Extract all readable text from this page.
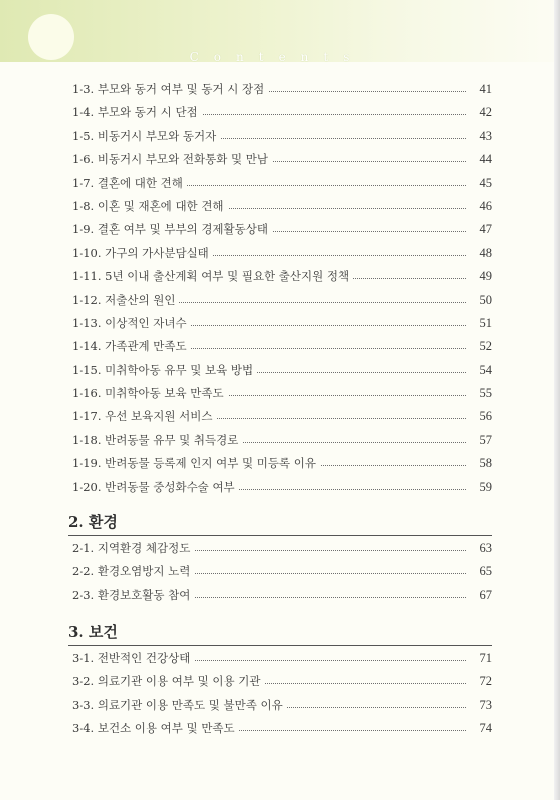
Contents
1-3. 부모와 동거 여부 및 동거 시 장점	41
1-4. 부모와 동거 시 단점	42
1-5. 비동거시 부모와 동거자	43
1-6. 비동거시 부모와 전화통화 및 만남	44
1-7. 결혼에 대한 견해	45
1-8. 이혼 및 재혼에 대한 견해	46
1-9. 결혼 여부 및 부부의 경제활동상태	47
1-10. 가구의 가사분담실태	48
1-11. 5년 이내 출산계획 여부 및 필요한 출산지원 정책	49
1-12. 저출산의 원인	50
1-13. 이상적인 자녀수	51
1-14. 가족관계 만족도	52
1-15. 미취학아동 유무 및 보육 방법	54
1-16. 미취학아동 보육 만족도	55
1-17. 우선 보육지원 서비스	56
1-18. 반려동물 유무 및 취득경로	57
1-19. 반려동물 등록제 인지 여부 및 미등록 이유	58
1-20. 반려동물 중성화수술 여부	59
2. 환경
2-1. 지역환경 체감정도	63
2-2. 환경오염방지 노력	65
2-3. 환경보호활동 참여	67
3. 보건
3-1. 전반적인 건강상태	71
3-2. 의료기관 이용 여부 및 이용 기관	72
3-3. 의료기관 이용 만족도 및 불만족 이유	73
3-4. 보건소 이용 여부 및 만족도	74
